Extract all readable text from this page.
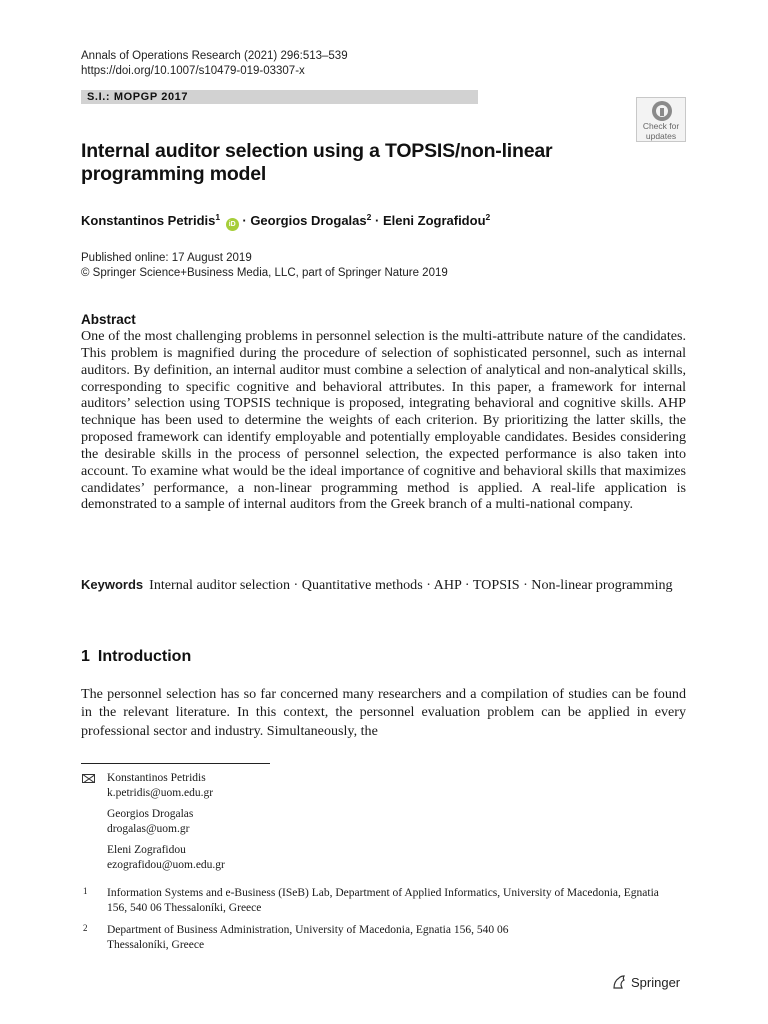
Annals of Operations Research (2021) 296:513–539
https://doi.org/10.1007/s10479-019-03307-x
S.I.: MOPGP 2017
Check for
updates
Internal auditor selection using a TOPSIS/non-linear programming model
Konstantinos Petridis$^1$ iD · Georgios Drogalas$^2$ · Eleni Zografidou$^2$
Published online: 17 August 2019
© Springer Science+Business Media, LLC, part of Springer Nature 2019
Abstract
One of the most challenging problems in personnel selection is the multi-attribute nature of the candidates. This problem is magnified during the procedure of selection of sophisticated personnel, such as internal auditors. By definition, an internal auditor must combine a selection of analytical and non-analytical skills, corresponding to specific cognitive and behavioral attributes. In this paper, a framework for internal auditors’ selection using TOPSIS technique is proposed, integrating behavioral and cognitive skills. AHP technique has been used to determine the weights of each criterion. By prioritizing the latter skills, the proposed framework can identify employable and potentially employable candidates. Besides considering the desirable skills in the process of personnel selection, the expected performance is also taken into account. To examine what would be the ideal importance of cognitive and behavioral skills that maximizes candidates’ performance, a non-linear programming method is applied. A real-life application is demonstrated to a sample of internal auditors from the Greek branch of a multi-national company.
Keywords Internal auditor selection · Quantitative methods · AHP · TOPSIS · Non-linear programming
1 Introduction
The personnel selection has so far concerned many researchers and a compilation of studies can be found in the relevant literature. In this context, the personnel evaluation problem can be applied in every professional sector and industry. Simultaneously, the
Konstantinos Petridis
k.petridis@uom.edu.gr
Georgios Drogalas
drogalas@uom.gr
Eleni Zografidou
ezografidou@uom.edu.gr
1 Information Systems and e-Business (ISeB) Lab, Department of Applied Informatics, University of Macedonia, Egnatia 156, 540 06 Thessaloníki, Greece
2 Department of Business Administration, University of Macedonia, Egnatia 156, 540 06 Thessaloníki, Greece
Springer
